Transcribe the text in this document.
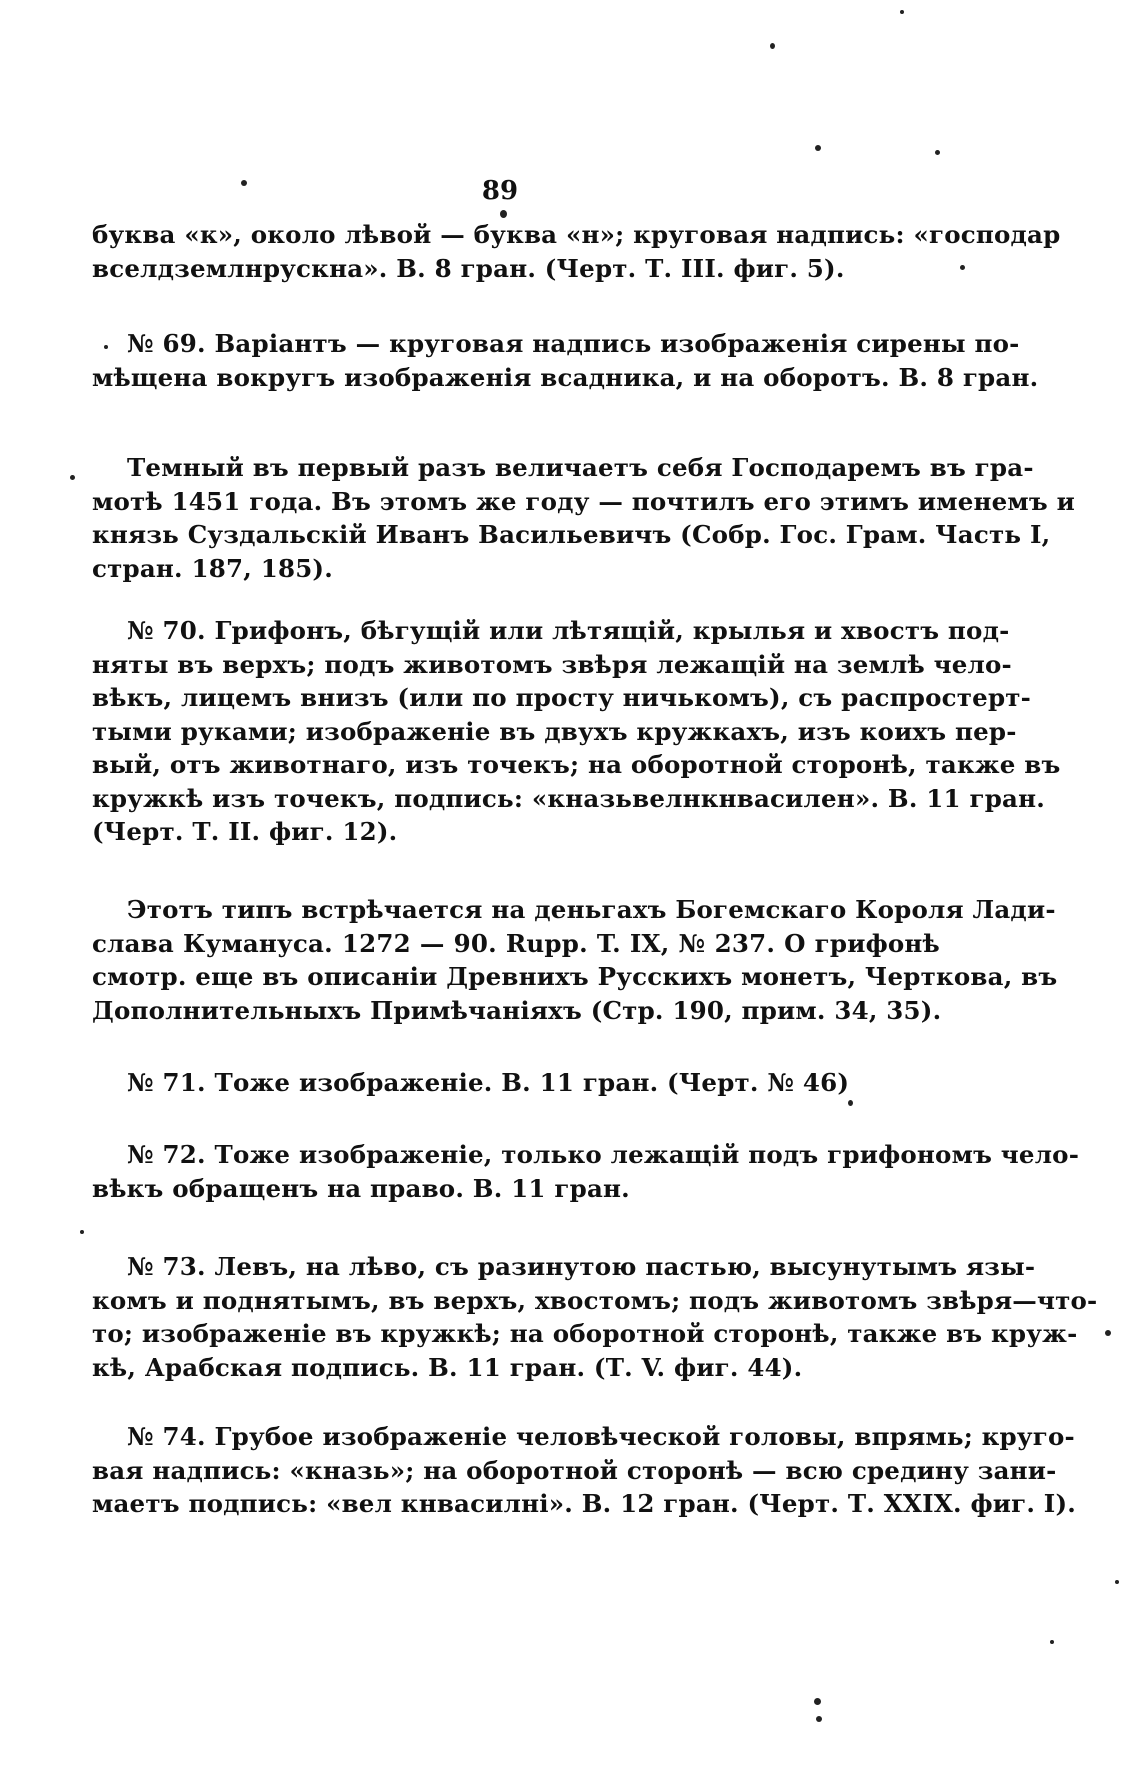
89
буква «к», около лѣвой — буква «н»; круговая надпись: «господар
вселдземлнрускна». В. 8 гран. (Черт. Т. III. фиг. 5).
№ 69. Варіантъ — круговая надпись изображенія сирены по-
мѣщена вокругъ изображенія всадника, и на оборотъ. В. 8 гран.
Темный въ первый разъ величаетъ себя Господаремъ въ гра-
мотѣ 1451 года. Въ этомъ же году — почтилъ его этимъ именемъ и
князь Суздальскій Иванъ Васильевичъ (Собр. Гос. Грам. Часть I,
стран. 187, 185).
№ 70. Грифонъ, бѣгущій или лѣтящій, крылья и хвостъ под-
няты въ верхъ; подъ животомъ звѣря лежащій на землѣ чело-
вѣкъ, лицемъ внизъ (или по просту ничькомъ), съ распростерт-
тыми руками; изображеніе въ двухъ кружкахъ, изъ коихъ пер-
вый, отъ животнаго, изъ точекъ; на оборотной сторонѣ, также въ
кружкѣ изъ точекъ, подпись: «кназьвелнкнвасилен». В. 11 гран.
(Черт. Т. II. фиг. 12).
Этотъ типъ встрѣчается на деньгахъ Богемскаго Короля Лади-
слава Кумануса. 1272 — 90. Rupp. T. IX, № 237. О грифонѣ
смотр. еще въ описаніи Древнихъ Русскихъ монетъ, Черткова, въ
Дополнительныхъ Примѣчаніяхъ (Стр. 190, прим. 34, 35).
№ 71. Тоже изображеніе. В. 11 гран. (Черт. № 46)
№ 72. Тоже изображеніе, только лежащій подъ грифономъ чело-
вѣкъ обращенъ на право. В. 11 гран.
№ 73. Левъ, на лѣво, съ разинутою пастью, высунутымъ язы-
комъ и поднятымъ, въ верхъ, хвостомъ; подъ животомъ звѣря—что-
то; изображеніе въ кружкѣ; на оборотной сторонѣ, также въ круж-
кѣ, Арабская подпись. В. 11 гран. (Т. V. фиг. 44).
№ 74. Грубое изображеніе человѣческой головы, впрямь; круго-
вая надпись: «кназь»; на оборотной сторонѣ — всю средину зани-
маетъ подпись: «вел кнвасилні». В. 12 гран. (Черт. Т. XXIX. фиг. I).
